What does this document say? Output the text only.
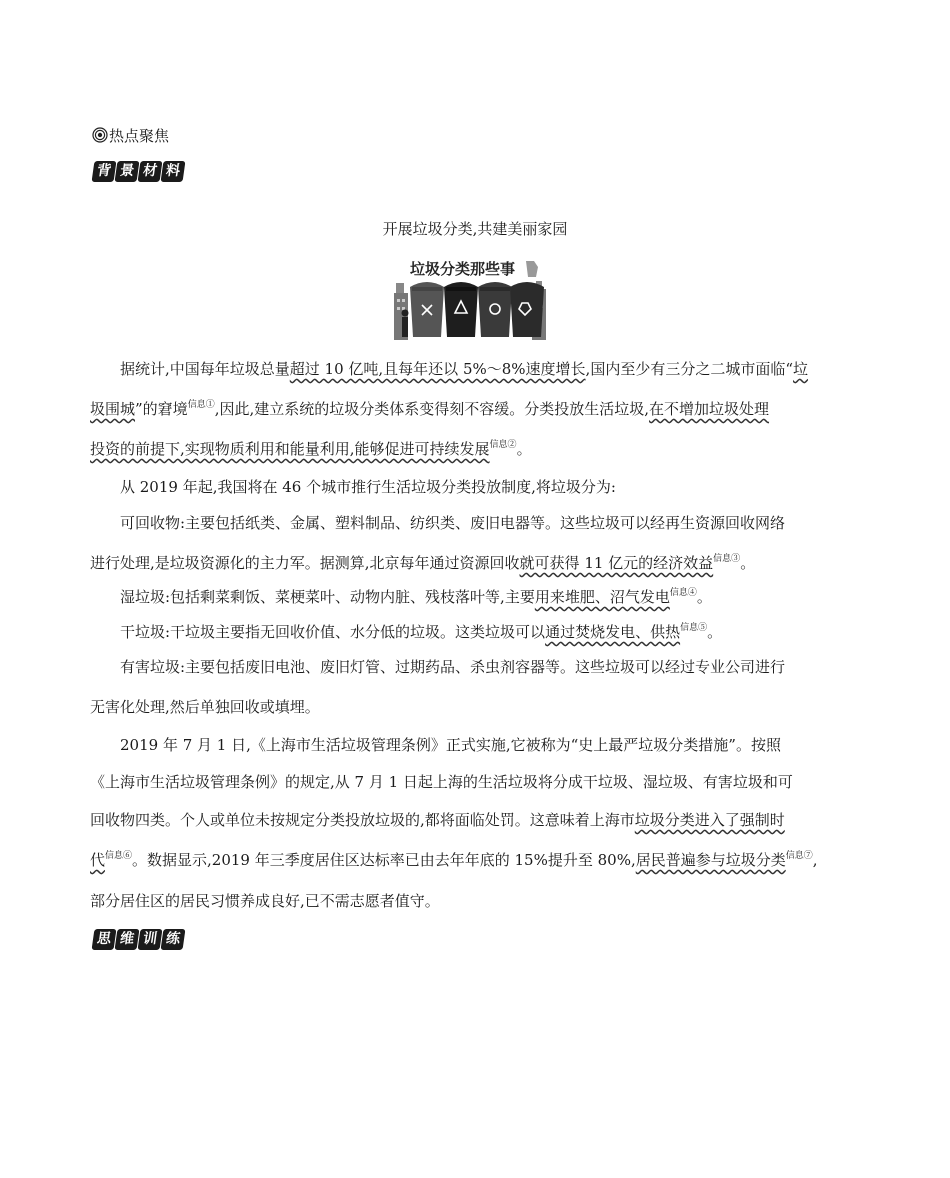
热点聚焦
背 景 材 料
开展垃圾分类,共建美丽家园
垃圾分类那些事
据统计,中国每年垃圾总量超过 10 亿吨,且每年还以 5%～8%速度增长,国内至少有三分之二城市面临“垃
圾围城”的窘境$^{信息①}$,因此,建立系统的垃圾分类体系变得刻不容缓。分类投放生活垃圾,在不增加垃圾处理
投资的前提下,实现物质利用和能量利用,能够促进可持续发展$^{信息②}$。
从 2019 年起,我国将在 46 个城市推行生活垃圾分类投放制度,将垃圾分为:
可回收物:主要包括纸类、金属、塑料制品、纺织类、废旧电器等。这些垃圾可以经再生资源回收网络
进行处理,是垃圾资源化的主力军。据测算,北京每年通过资源回收就可获得 11 亿元的经济效益$^{信息③}$。
湿垃圾:包括剩菜剩饭、菜梗菜叶、动物内脏、残枝落叶等,主要用来堆肥、沼气发电$^{信息④}$。
干垃圾:干垃圾主要指无回收价值、水分低的垃圾。这类垃圾可以通过焚烧发电、供热$^{信息⑤}$。
有害垃圾:主要包括废旧电池、废旧灯管、过期药品、杀虫剂容器等。这些垃圾可以经过专业公司进行
无害化处理,然后单独回收或填埋。
2019 年 7 月 1 日,《上海市生活垃圾管理条例》正式实施,它被称为“史上最严垃圾分类措施”。按照
《上海市生活垃圾管理条例》的规定,从 7 月 1 日起上海的生活垃圾将分成干垃圾、湿垃圾、有害垃圾和可
回收物四类。个人或单位未按规定分类投放垃圾的,都将面临处罚。这意味着上海市垃圾分类进入了强制时
代$^{信息⑥}$。数据显示,2019 年三季度居住区达标率已由去年年底的 15%提升至 80%,居民普遍参与垃圾分类$^{信息⑦}$,
部分居住区的居民习惯养成良好,已不需志愿者值守。
思 维 训 练
